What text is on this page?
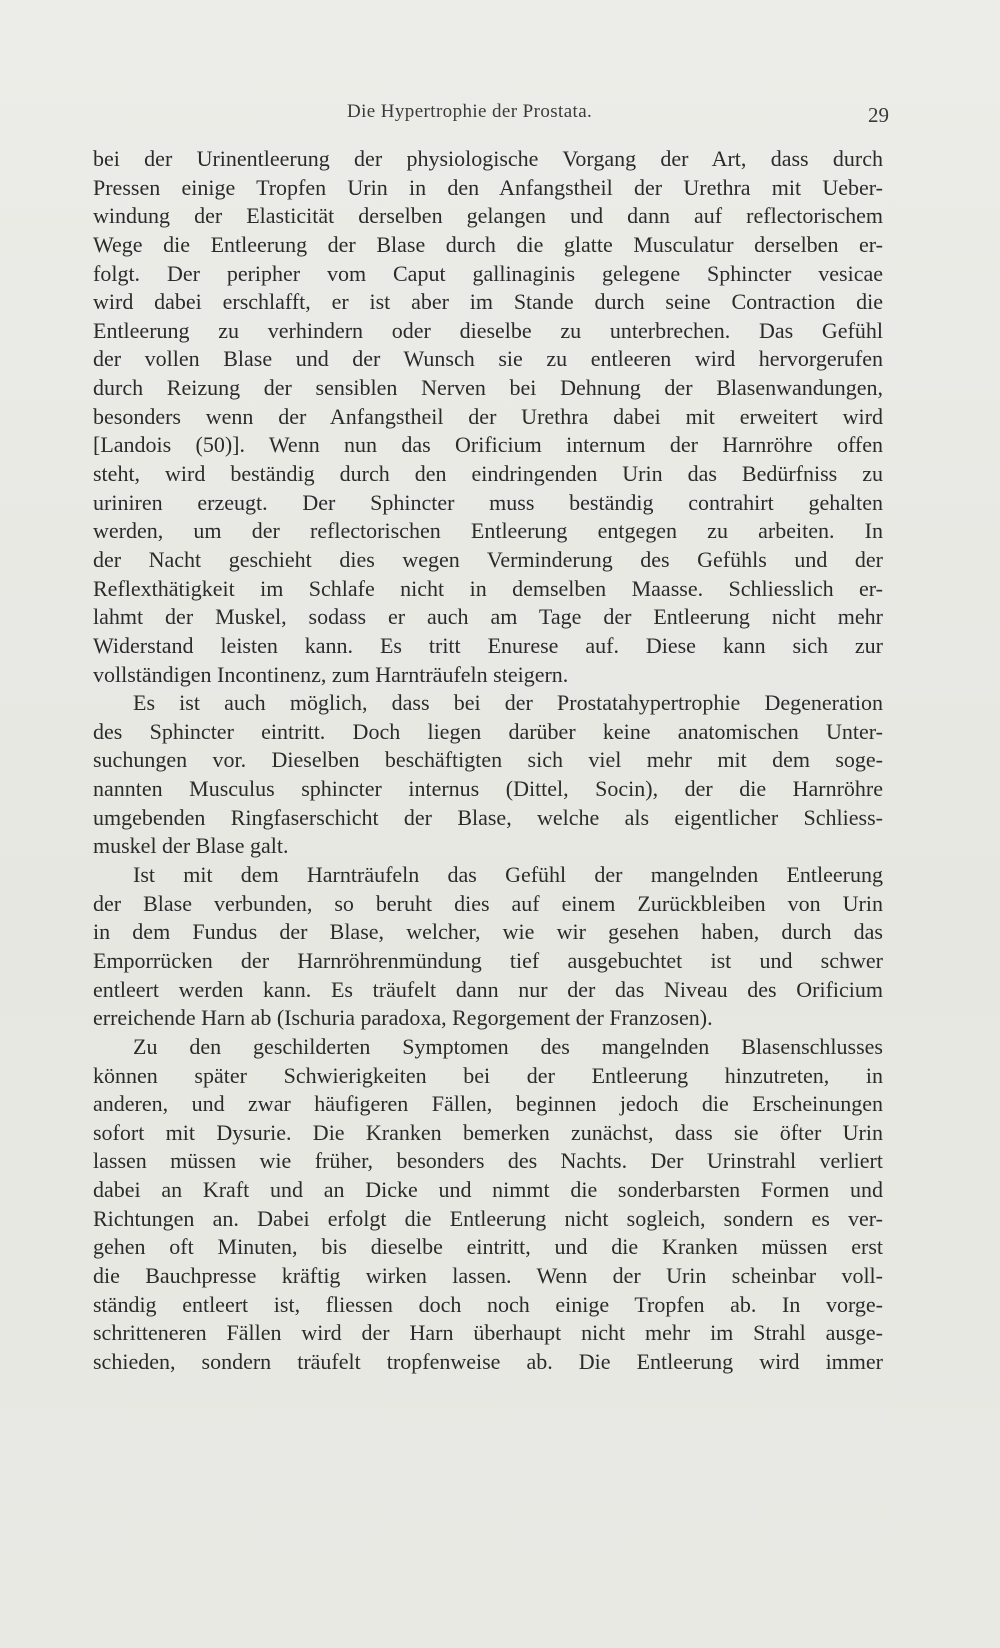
Die Hypertrophie der Prostata.	29
bei der Urinentleerung der physiologische Vorgang der Art, dass durch
Pressen einige Tropfen Urin in den Anfangstheil der Urethra mit Ueber-
windung der Elasticität derselben gelangen und dann auf reflectorischem
Wege die Entleerung der Blase durch die glatte Musculatur derselben er-
folgt. Der peripher vom Caput gallinaginis gelegene Sphincter vesicae
wird dabei erschlafft, er ist aber im Stande durch seine Contraction die
Entleerung zu verhindern oder dieselbe zu unterbrechen. Das Gefühl
der vollen Blase und der Wunsch sie zu entleeren wird hervorgerufen
durch Reizung der sensiblen Nerven bei Dehnung der Blasenwandungen,
besonders wenn der Anfangstheil der Urethra dabei mit erweitert wird
[Landois (50)]. Wenn nun das Orificium internum der Harnröhre offen
steht, wird beständig durch den eindringenden Urin das Bedürfniss zu
uriniren erzeugt. Der Sphincter muss beständig contrahirt gehalten
werden, um der reflectorischen Entleerung entgegen zu arbeiten. In
der Nacht geschieht dies wegen Verminderung des Gefühls und der
Reflexthätigkeit im Schlafe nicht in demselben Maasse. Schliesslich er-
lahmt der Muskel, sodass er auch am Tage der Entleerung nicht mehr
Widerstand leisten kann. Es tritt Enurese auf. Diese kann sich zur
vollständigen Incontinenz, zum Harnträufeln steigern.
Es ist auch möglich, dass bei der Prostatahypertrophie Degeneration
des Sphincter eintritt. Doch liegen darüber keine anatomischen Unter-
suchungen vor. Dieselben beschäftigten sich viel mehr mit dem soge-
nannten Musculus sphincter internus (Dittel, Socin), der die Harnröhre
umgebenden Ringfaserschicht der Blase, welche als eigentlicher Schliess-
muskel der Blase galt.
Ist mit dem Harnträufeln das Gefühl der mangelnden Entleerung
der Blase verbunden, so beruht dies auf einem Zurückbleiben von Urin
in dem Fundus der Blase, welcher, wie wir gesehen haben, durch das
Emporrücken der Harnröhrenmündung tief ausgebuchtet ist und schwer
entleert werden kann. Es träufelt dann nur der das Niveau des Orificium
erreichende Harn ab (Ischuria paradoxa, Regorgement der Franzosen).
Zu den geschilderten Symptomen des mangelnden Blasenschlusses
können später Schwierigkeiten bei der Entleerung hinzutreten, in
anderen, und zwar häufigeren Fällen, beginnen jedoch die Erscheinungen
sofort mit Dysurie. Die Kranken bemerken zunächst, dass sie öfter Urin
lassen müssen wie früher, besonders des Nachts. Der Urinstrahl verliert
dabei an Kraft und an Dicke und nimmt die sonderbarsten Formen und
Richtungen an. Dabei erfolgt die Entleerung nicht sogleich, sondern es ver-
gehen oft Minuten, bis dieselbe eintritt, und die Kranken müssen erst
die Bauchpresse kräftig wirken lassen. Wenn der Urin scheinbar voll-
ständig entleert ist, fliessen doch noch einige Tropfen ab. In vorge-
schritteneren Fällen wird der Harn überhaupt nicht mehr im Strahl ausge-
schieden, sondern träufelt tropfenweise ab. Die Entleerung wird immer
